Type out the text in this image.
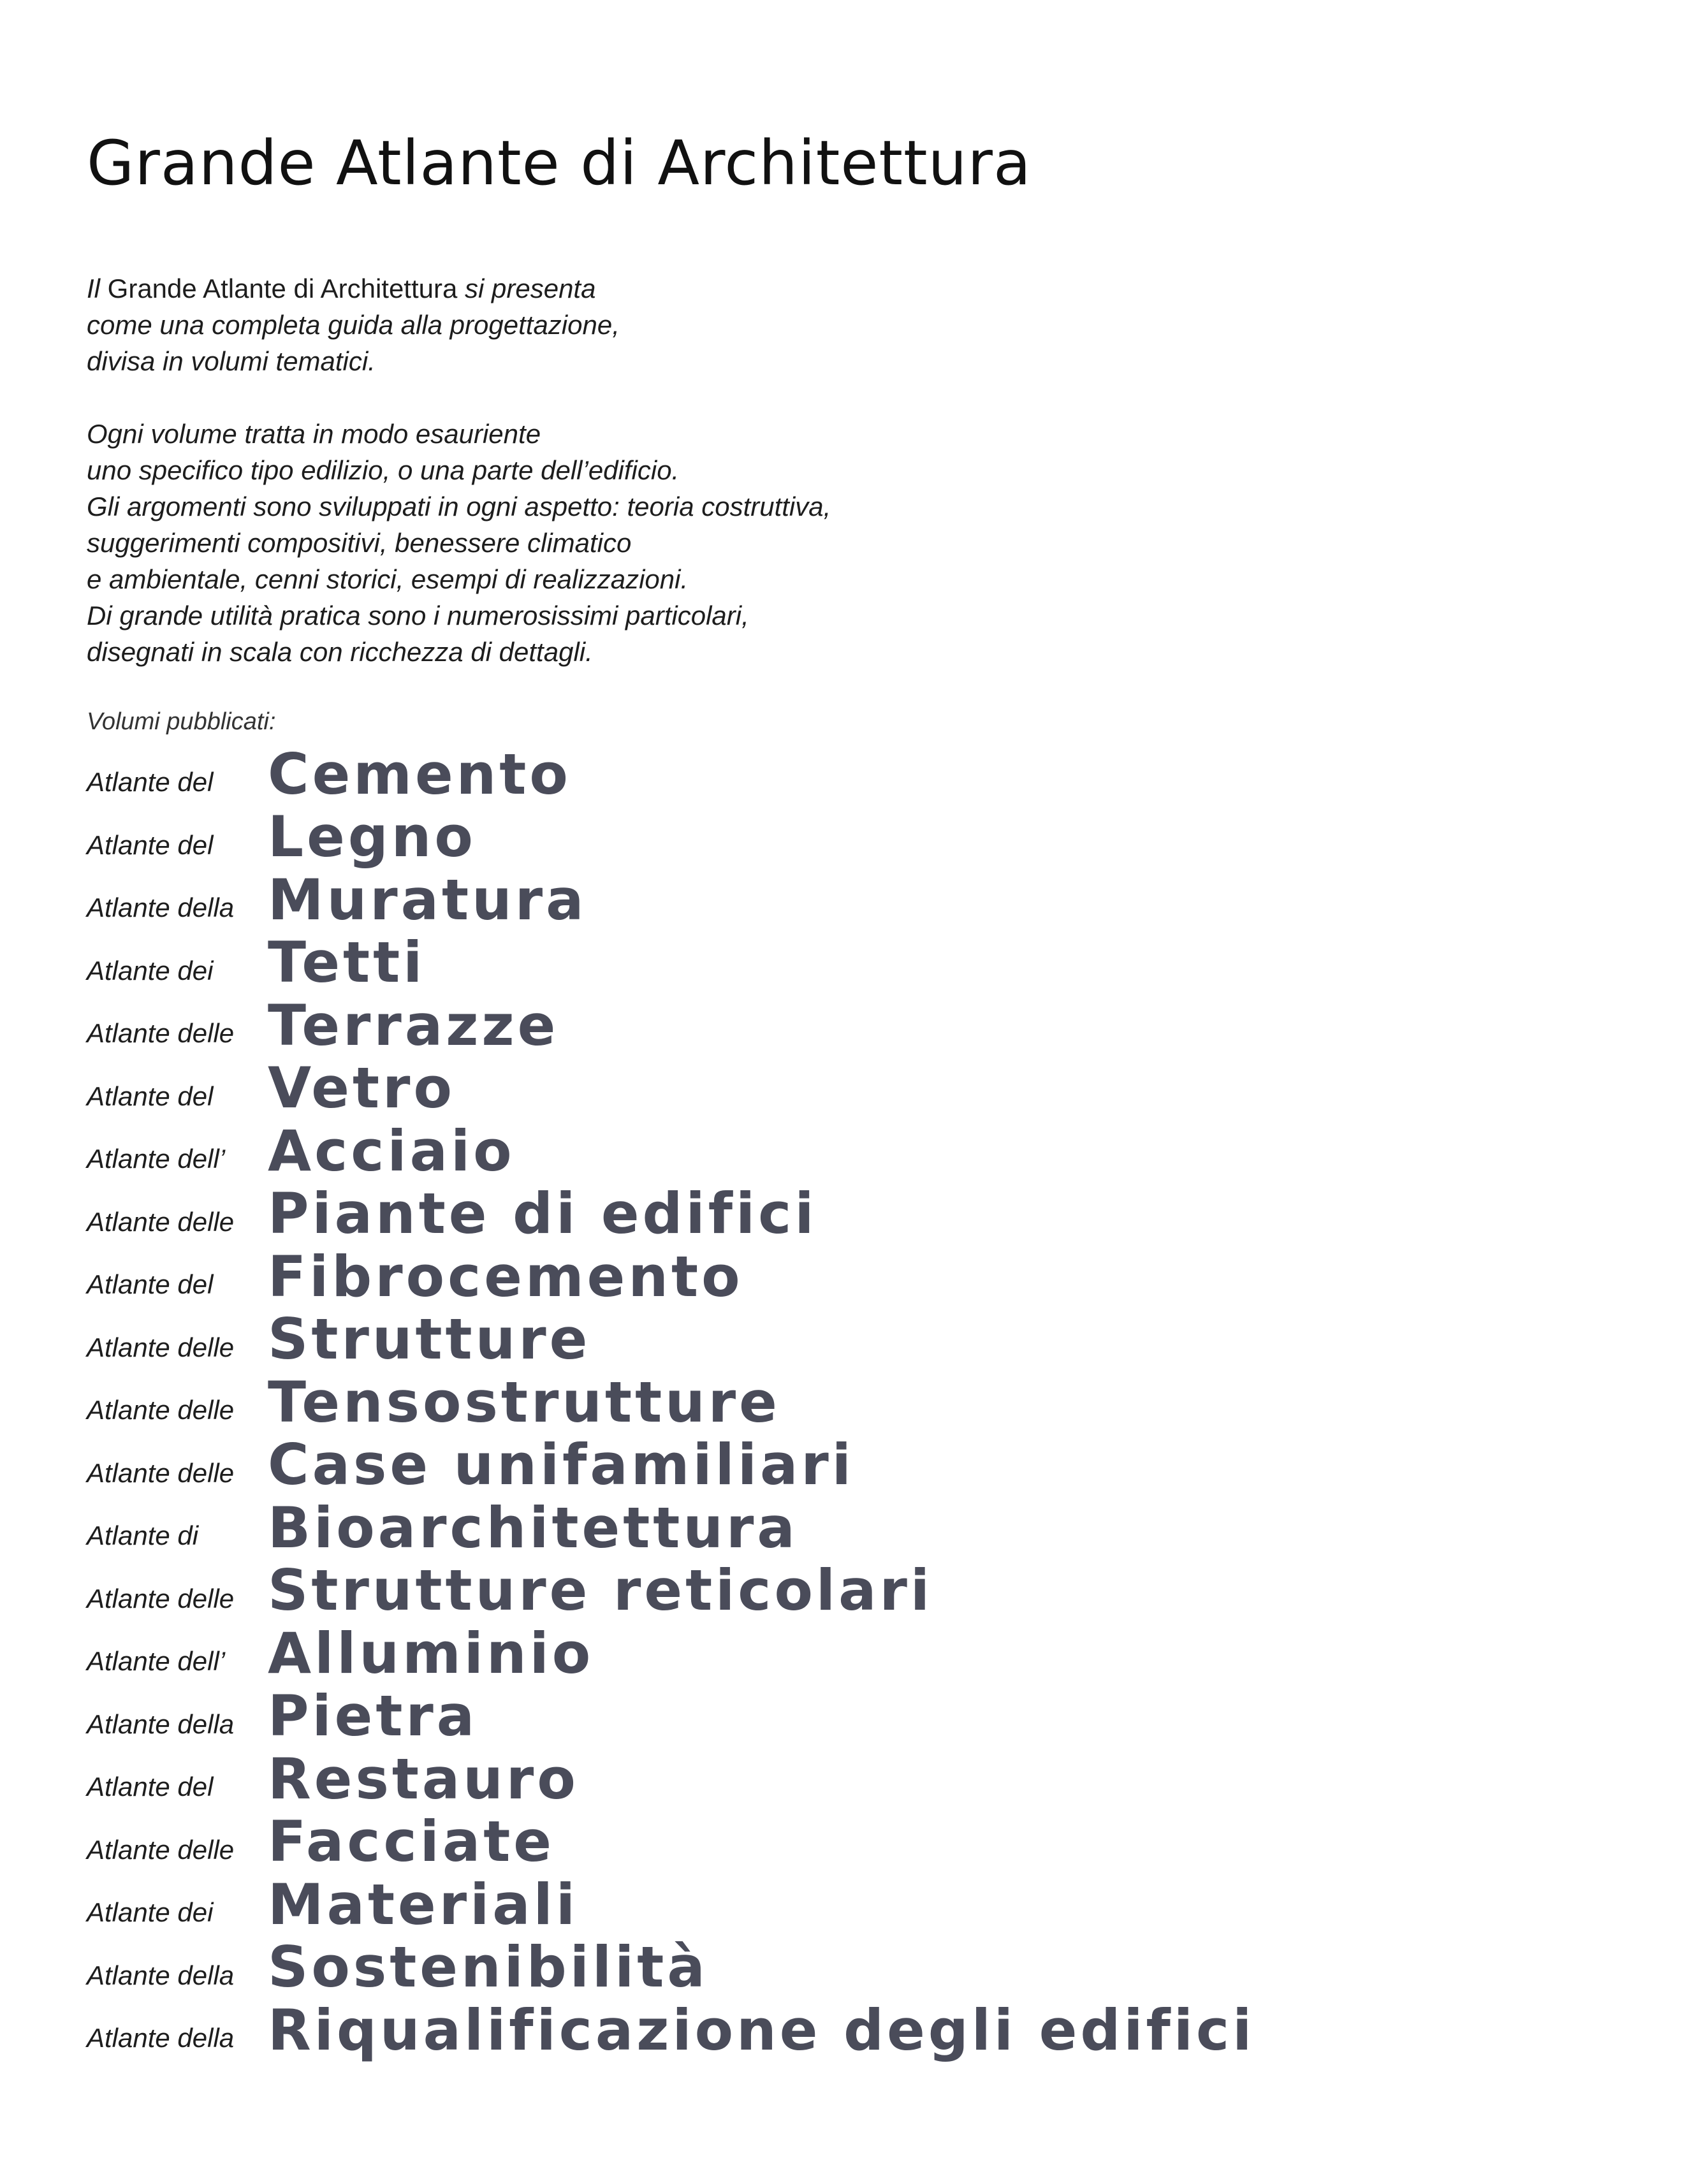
Grande Atlante di Architettura

Il Grande Atlante di Architettura si presenta
come una completa guida alla progettazione,
divisa in volumi tematici.

Ogni volume tratta in modo esauriente
uno specifico tipo edilizio, o una parte dell’edificio.
Gli argomenti sono sviluppati in ogni aspetto: teoria costruttiva,
suggerimenti compositivi, benessere climatico
e ambientale, cenni storici, esempi di realizzazioni.
Di grande utilità pratica sono i numerosissimi particolari,
disegnati in scala con ricchezza di dettagli.

Volumi pubblicati:
Atlante del Cemento
Atlante del Legno
Atlante della Muratura
Atlante dei Tetti
Atlante delle Terrazze
Atlante del Vetro
Atlante dell’ Acciaio
Atlante delle Piante di edifici
Atlante del Fibrocemento
Atlante delle Strutture
Atlante delle Tensostrutture
Atlante delle Case unifamiliari
Atlante di	Bioarchitettura
Atlante delle Strutture reticolari
Atlante dell’ Alluminio
Atlante della Pietra
Atlante del Restauro
Atlante delle Facciate
Atlante dei Materiali
Atlante della Sostenibilità
Atlante della Riqualificazione degli edifici
